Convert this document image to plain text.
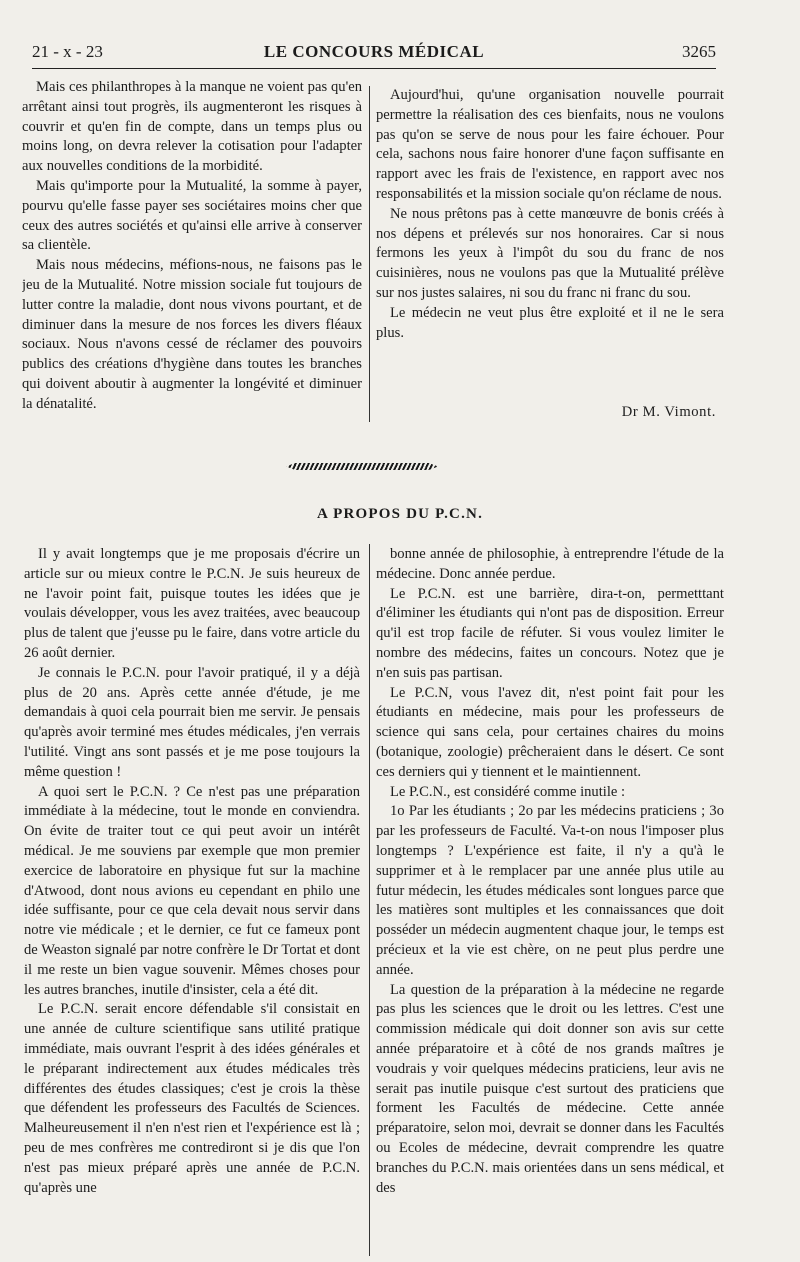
21 - x - 23	LE CONCOURS MÉDICAL	3265

Mais ces philanthropes à la manque ne voient pas qu'en arrêtant ainsi tout progrès, ils augmenteront les risques à couvrir et qu'en fin de compte, dans un temps plus ou moins long, on devra relever la cotisation pour l'adapter aux nouvelles conditions de la morbidité.

Mais qu'importe pour la Mutualité, la somme à payer, pourvu qu'elle fasse payer ses sociétaires moins cher que ceux des autres sociétés et qu'ainsi elle arrive à conserver sa clientèle.

Mais nous médecins, méfions-nous, ne faisons pas le jeu de la Mutualité. Notre mission sociale fut toujours de lutter contre la maladie, dont nous vivons pourtant, et de diminuer dans la mesure de nos forces les divers fléaux sociaux. Nous n'avons cessé de réclamer des pouvoirs publics des créations d'hygiène dans toutes les branches qui doivent aboutir à augmenter la longévité et diminuer la dénatalité.

Aujourd'hui, qu'une organisation nouvelle pourrait permettre la réalisation des ces bienfaits, nous ne voulons pas qu'on se serve de nous pour les faire échouer. Pour cela, sachons nous faire honorer d'une façon suffisante en rapport avec les frais de l'existence, en rapport avec nos responsabilités et la mission sociale qu'on réclame de nous.

Ne nous prêtons pas à cette manœuvre de bonis créés à nos dépens et prélevés sur nos honoraires. Car si nous fermons les yeux à l'impôt du sou du franc de nos cuisinières, nous ne voulons pas que la Mutualité prélève sur nos justes salaires, ni sou du franc ni franc du sou.

Le médecin ne veut plus être exploité et il ne le sera plus.

Dr M. Vimont.
A PROPOS DU P.C.N.

Il y avait longtemps que je me proposais d'écrire un article sur ou mieux contre le P.C.N. Je suis heureux de ne l'avoir point fait, puisque toutes les idées que je voulais développer, vous les avez traitées, avec beaucoup plus de talent que j'eusse pu le faire, dans votre article du 26 août dernier.

Je connais le P.C.N. pour l'avoir pratiqué, il y a déjà plus de 20 ans. Après cette année d'étude, je me demandais à quoi cela pourrait bien me servir. Je pensais qu'après avoir terminé mes études médicales, j'en verrais l'utilité. Vingt ans sont passés et je me pose toujours la même question !

A quoi sert le P.C.N. ? Ce n'est pas une préparation immédiate à la médecine, tout le monde en conviendra. On évite de traiter tout ce qui peut avoir un intérêt médical. Je me souviens par exemple que mon premier exercice de laboratoire en physique fut sur la machine d'Atwood, dont nous avions eu cependant en philo une idée suffisante, pour ce que cela devait nous servir dans notre vie médicale ; et le dernier, ce fut ce fameux pont de Weaston signalé par notre confrère le Dr Tortat et dont il me reste un bien vague souvenir. Mêmes choses pour les autres branches, inutile d'insister, cela a été dit.

Le P.C.N. serait encore défendable s'il consistait en une année de culture scientifique sans utilité pratique immédiate, mais ouvrant l'esprit à des idées générales et le préparant indirectement aux études médicales très différentes des études classiques; c'est je crois la thèse que défendent les professeurs des Facultés de Sciences. Malheureusement il n'en n'est rien et l'expérience est là ; peu de mes confrères me contrediront si je dis que l'on n'est pas mieux préparé après une année de P.C.N. qu'après une

bonne année de philosophie, à entreprendre l'étude de la médecine. Donc année perdue.

Le P.C.N. est une barrière, dira-t-on, permetttant d'éliminer les étudiants qui n'ont pas de disposition. Erreur qu'il est trop facile de réfuter. Si vous voulez limiter le nombre des médecins, faites un concours. Notez que je n'en suis pas partisan.

Le P.C.N, vous l'avez dit, n'est point fait pour les étudiants en médecine, mais pour les professeurs de science qui sans cela, pour certaines chaires du moins (botanique, zoologie) prêcheraient dans le désert. Ce sont ces derniers qui y tiennent et le maintiennent.

Le P.C.N., est considéré comme inutile :

1o Par les étudiants ; 2o par les médecins praticiens ; 3o par les professeurs de Faculté. Va-t-on nous l'imposer plus longtemps ? L'expérience est faite, il n'y a qu'à le supprimer et à le remplacer par une année plus utile au futur médecin, les études médicales sont longues parce que les matières sont multiples et les connaissances que doit posséder un médecin augmentent chaque jour, le temps est précieux et la vie est chère, on ne peut plus perdre une année.

La question de la préparation à la médecine ne regarde pas plus les sciences que le droit ou les lettres. C'est une commission médicale qui doit donner son avis sur cette année préparatoire et à côté de nos grands maîtres je voudrais y voir quelques médecins praticiens, leur avis ne serait pas inutile puisque c'est surtout des praticiens que forment les Facultés de médecine. Cette année préparatoire, selon moi, devrait se donner dans les Facultés ou Ecoles de médecine, devrait comprendre les quatre branches du P.C.N. mais orientées dans un sens médical, et des
